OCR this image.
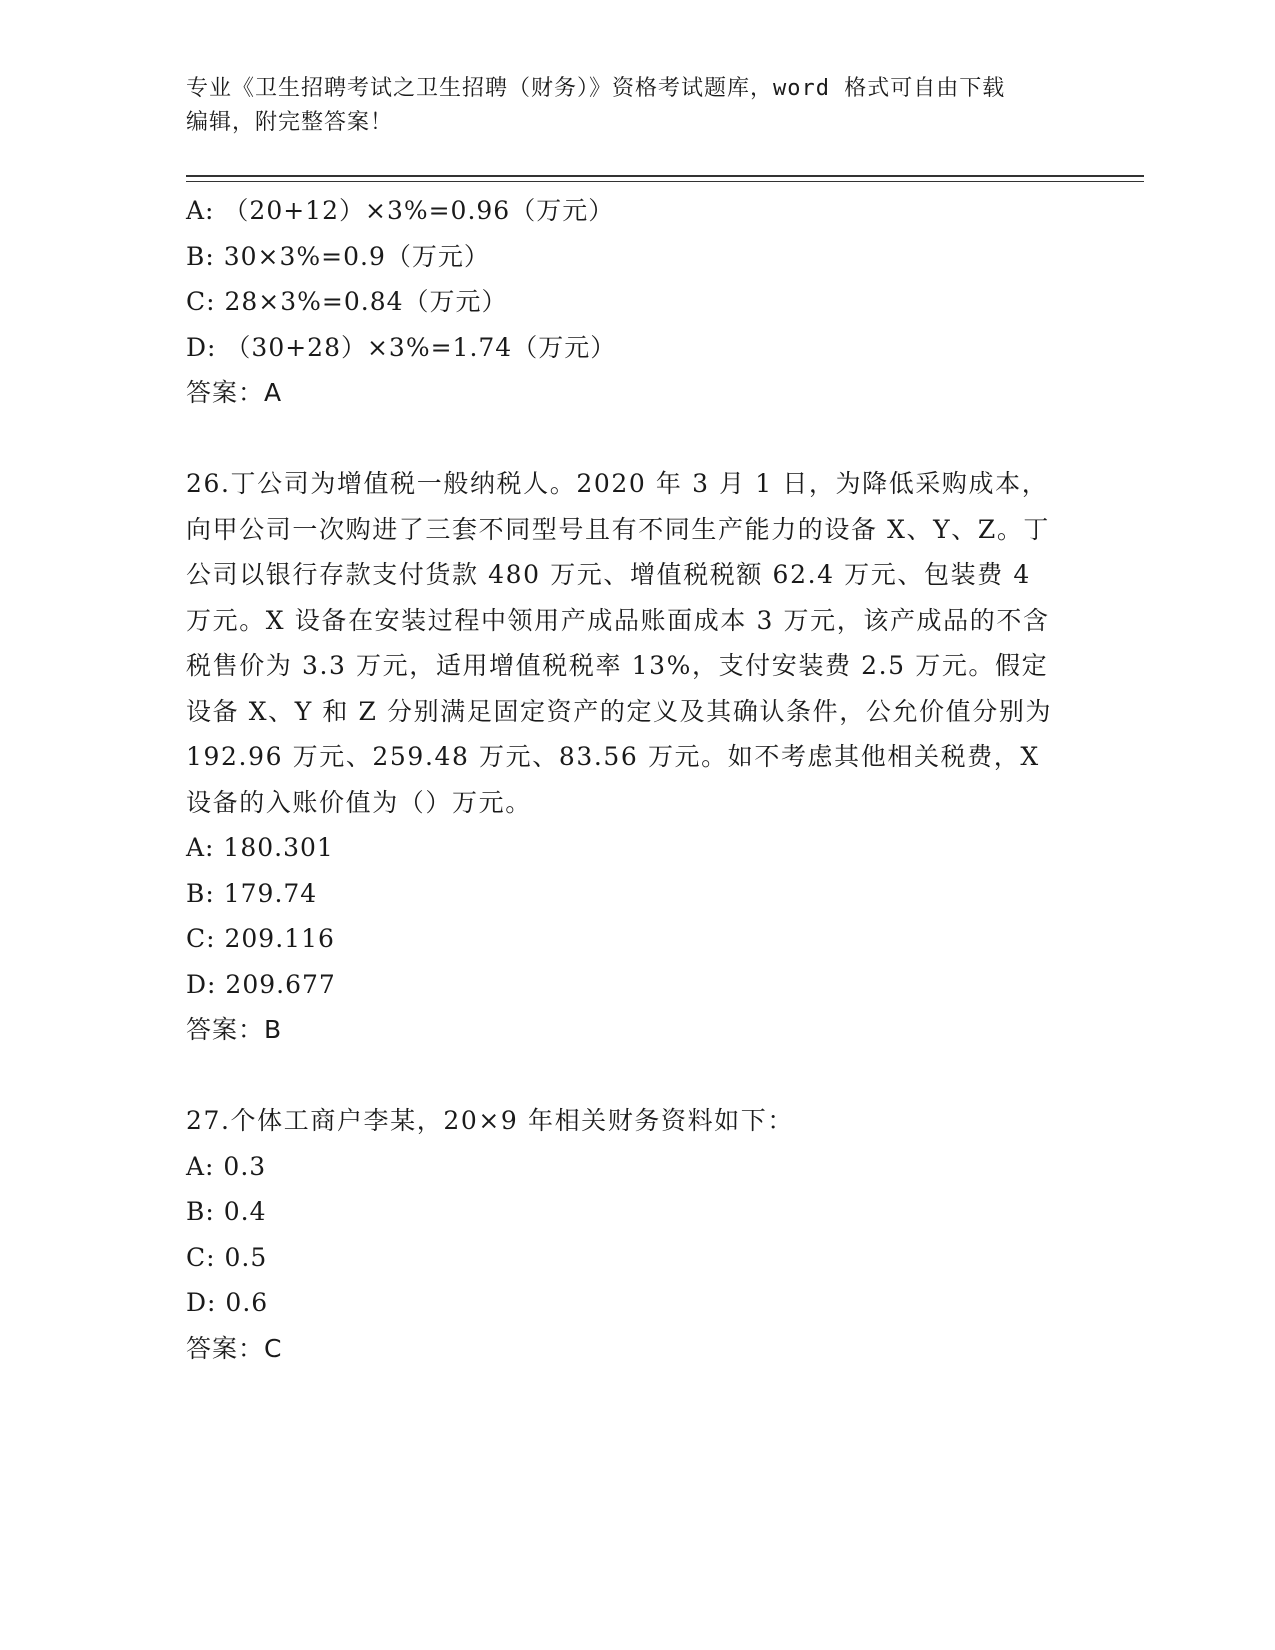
专业《卫生招聘考试之卫生招聘（财务）》资格考试题库，word 格式可自由下载
编辑，附完整答案！
A: （20+12）×3%=0.96（万元）
B: 30×3%=0.9（万元）
C: 28×3%=0.84（万元）
D: （30+28）×3%=1.74（万元）
答案：A
26.丁公司为增值税一般纳税人。2020 年 3 月 1 日，为降低采购成本，向甲公司一次购进了三套不同型号且有不同生产能力的设备 X、Y、Z。丁公司以银行存款支付货款 480 万元、增值税税额 62.4 万元、包装费 4 万元。X 设备在安装过程中领用产成品账面成本 3 万元，该产成品的不含税售价为 3.3 万元，适用增值税税率 13%，支付安装费 2.5 万元。假定设备 X、Y 和 Z 分别满足固定资产的定义及其确认条件，公允价值分别为 192.96 万元、259.48 万元、83.56 万元。如不考虑其他相关税费，X 设备的入账价值为（）万元。
A: 180.301
B: 179.74
C: 209.116
D: 209.677
答案：B
27.个体工商户李某，20×9 年相关财务资料如下：
A: 0.3
B: 0.4
C: 0.5
D: 0.6
答案：C
